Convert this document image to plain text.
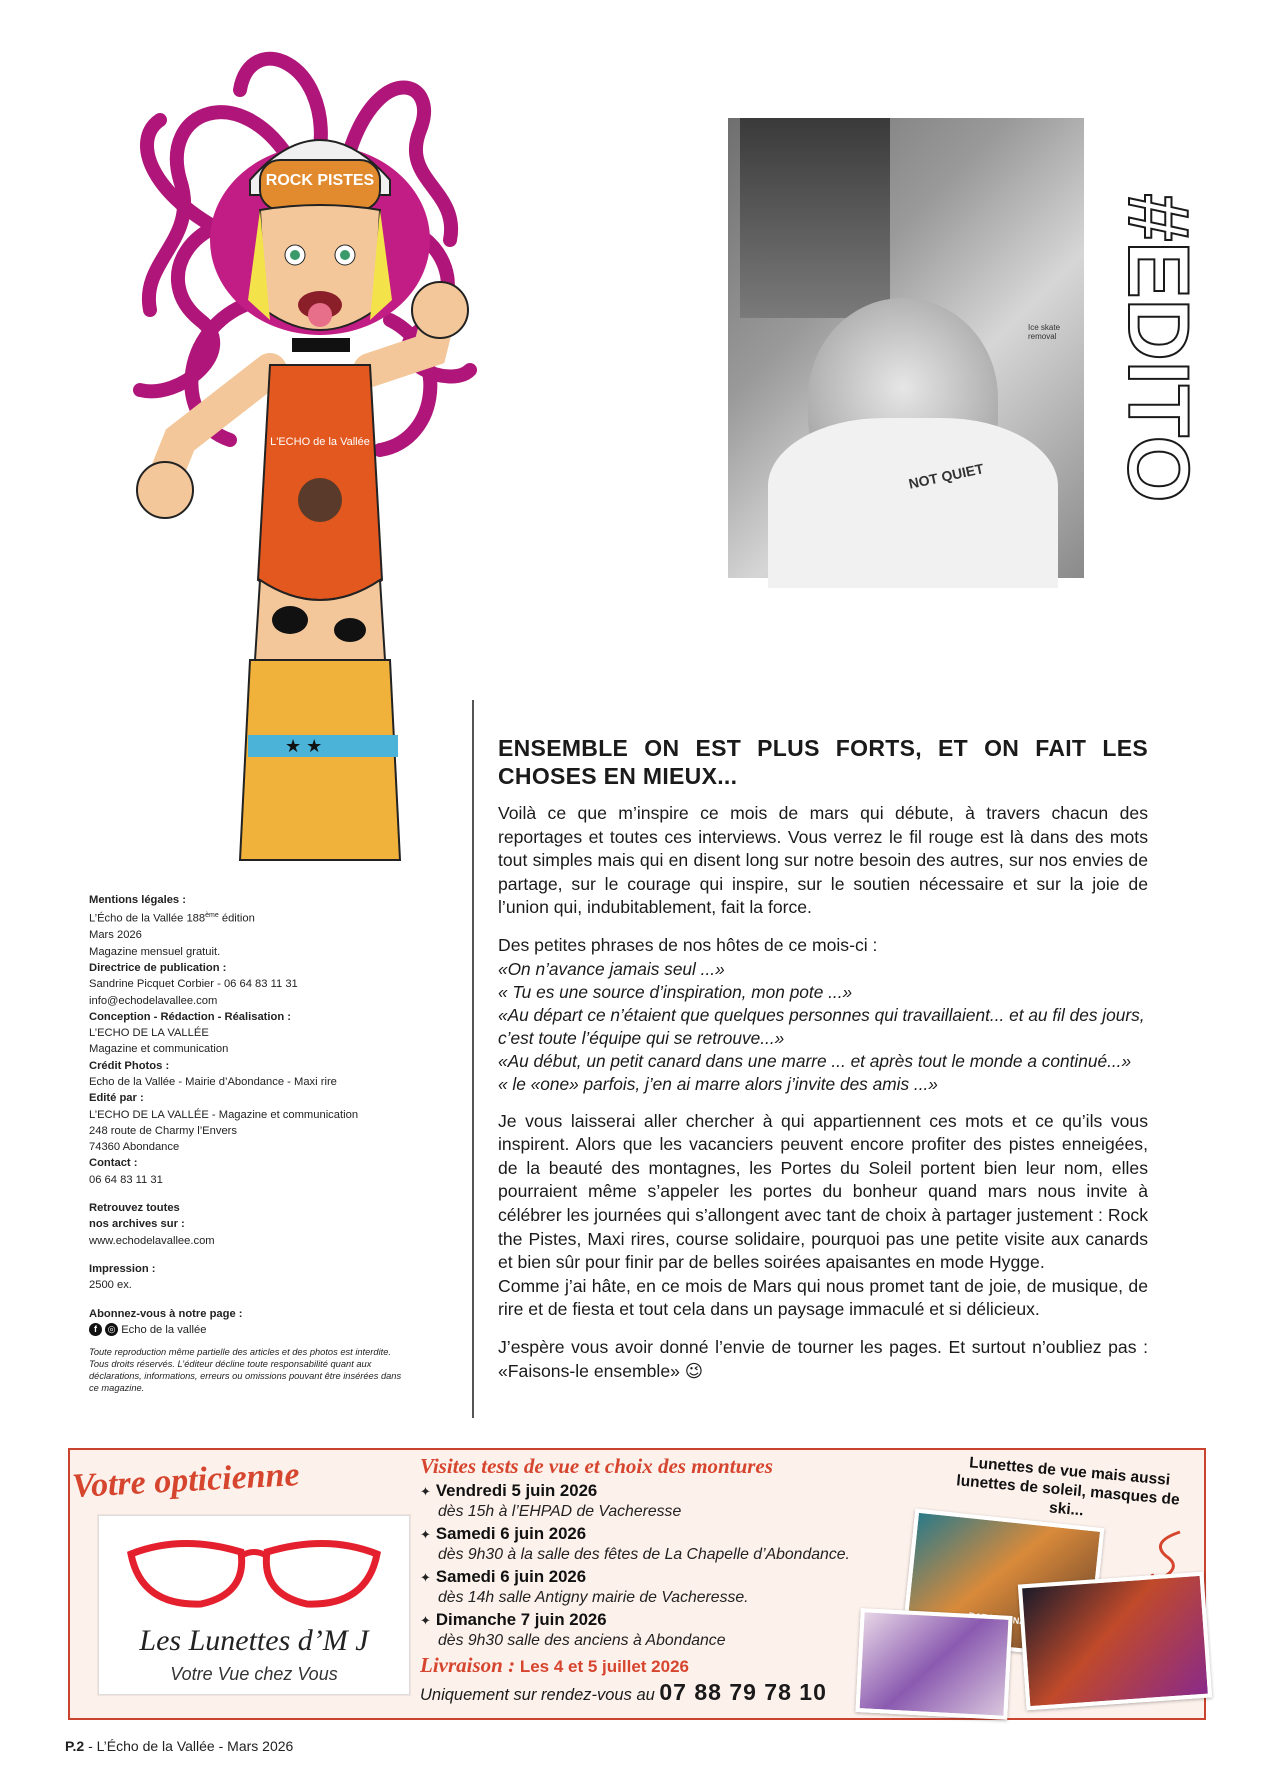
ROCK PISTES
L'ECHO de la Vallée
★ ★
NOT QUIET
Ice skate removal #EDITO
Mentions légales :
L’Écho de la Vallée 188ème édition
Mars 2026
Magazine mensuel gratuit.
Directrice de publication :
Sandrine Picquet Corbier - 06 64 83 11 31
info@echodelavallee.com
Conception - Rédaction - Réalisation :
L’ECHO DE LA VALLÉE
Magazine et communication
Crédit Photos :
Echo de la Vallée - Mairie d’Abondance - Maxi rire
Edité par :
L’ECHO DE LA VALLÉE - Magazine et communication
248 route de Charmy l’Envers
74360 Abondance
Contact :
06 64 83 11 31
Retrouvez toutes
nos archives sur :
www.echodelavallee.com
Impression :
2500 ex.
Abonnez-vous à notre page :
f ◎ Echo de la vallée
Toute reproduction même partielle des articles et des photos est interdite. Tous droits réservés. L’éditeur décline toute responsabilité quant aux déclarations, informations, erreurs ou omissions pouvant être insérées dans ce magazine.
ENSEMBLE ON EST PLUS FORTS, ET ON FAIT LES CHOSES EN MIEUX...

Voilà ce que m’inspire ce mois de mars qui débute, à travers chacun des reportages et toutes ces interviews. Vous verrez le fil rouge est là dans des mots tout simples mais qui en disent long sur notre besoin des autres, sur nos envies de partage, sur le courage qui inspire, sur le soutien nécessaire et sur la joie de l’union qui, indubitablement, fait la force.

Des petites phrases de nos hôtes de ce mois-ci :

«On n’avance jamais seul ...»

« Tu es une source d’inspiration, mon pote ...»

«Au départ ce n’étaient que quelques personnes qui travaillaient... et au fil des jours, c’est toute l’équipe qui se retrouve...»

«Au début, un petit canard dans une marre ... et après tout le monde a continué...»

« le «one» parfois, j’en ai marre alors j’invite des amis ...»

Je vous laisserai aller chercher à qui appartiennent ces mots et ce qu’ils vous inspirent. Alors que les vacanciers peuvent encore profiter des pistes enneigées, de la beauté des montagnes, les Portes du Soleil portent bien leur nom, elles pourraient même s’appeler les portes du bonheur quand mars nous invite à célébrer les journées qui s’allongent avec tant de choix à partager justement : Rock the Pistes, Maxi rires, course solidaire, pourquoi pas une petite visite aux canards et bien sûr pour finir par de belles soirées apaisantes en mode Hygge.

Comme j’ai hâte, en ce mois de Mars qui nous promet tant de joie, de musique, de rire et de fiesta et tout cela dans un paysage immaculé et si délicieux.

J’espère vous avoir donné l’envie de tourner les pages. Et surtout n’oubliez pas : «Faisons-le ensemble» 😉

Votre opticienne
Les Lunettes d’M J
Votre Vue chez Vous
Visites tests de vue et choix des montures
✦ Vendredi 5 juin 2026
dès 15h à l’EHPAD de Vacheresse
✦ Samedi 6 juin 2026
dès 9h30 à la salle des fêtes de La Chapelle d’Abondance.
✦ Samedi 6 juin 2026
dès 14h salle Antigny mairie de Vacheresse.
✦ Dimanche 7 juin 2026
dès 9h30 salle des anciens à Abondance
Livraison : Les 4 et 5 juillet 2026
Uniquement sur rendez-vous au 07 88 79 78 10
Lunettes de vue mais aussi lunettes de soleil, masques de ski...
P.2 - L’Écho de la Vallée - Mars 2026
